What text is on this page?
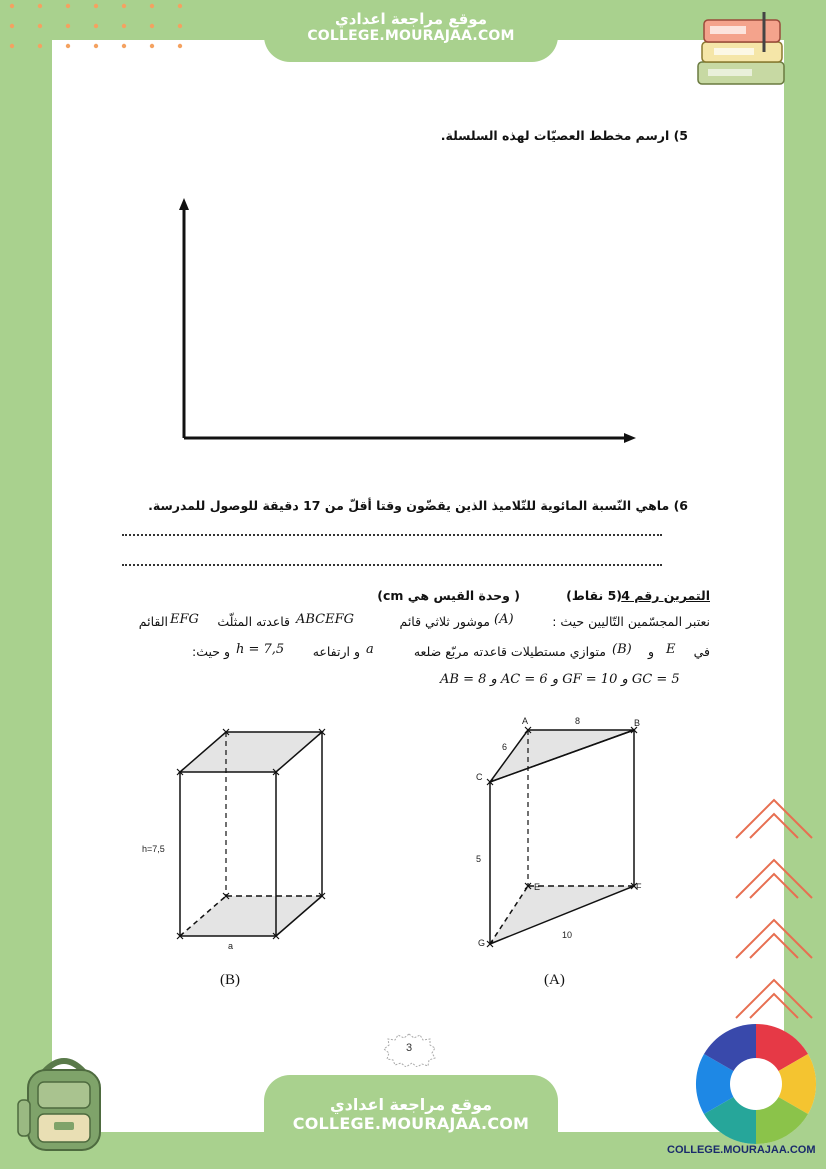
موقع مراجعة اعدادي
COLLEGE.MOURAJAA.COM
5) ارسم مخطط العصيّات لهذه السلسلة.
6) ماهي النّسبة المائوية للتّلاميذ الذين يقضّون وقتا أقلّ من 17 دقيقة للوصول للمدرسة.
التمرين رقم 4
(5 نقاط)
( وحدة القيس هي cm)
نعتبر المجسّمين التّاليين حيث :
(A)
موشور ثلاثي قائم
ABCEFG
قاعدته المثلّث
EFG
القائم
في
E
و
(B)
متوازي مستطيلات قاعدته مربّع ضلعه
a
و ارتفاعه
h = 7,5
و حيث:
GC = 5 و GF = 10 و AC = 6 و AB = 8
h=7,5
a
(B)
A	B
C
E	F
G
8
6
5
10
(A)
3
موقع مراجعة اعدادي
COLLEGE.MOURAJAA.COM
COLLEGE.MOURAJAA.COM
